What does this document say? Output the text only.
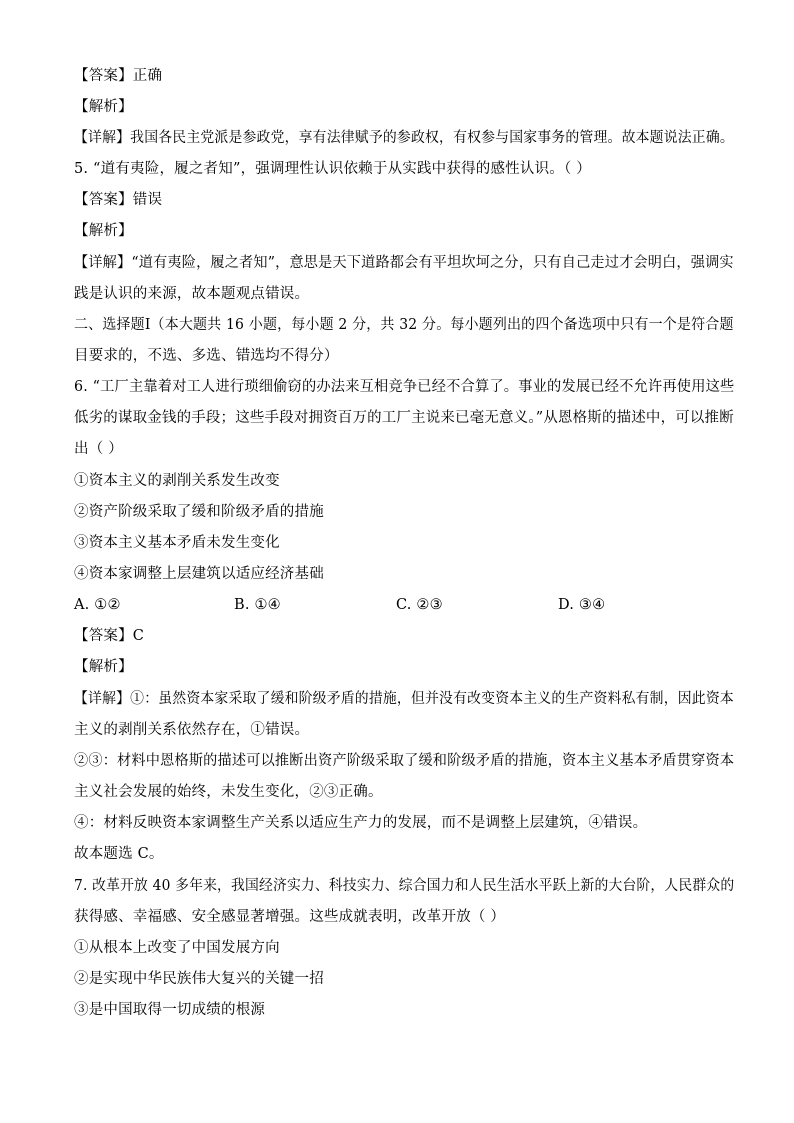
【答案】正确
【解析】
【详解】我国各民主党派是参政党，享有法律赋予的参政权，有权参与国家事务的管理。故本题说法正确。
5. “道有夷险，履之者知”，强调理性认识依赖于从实践中获得的感性认识。（ ）
【答案】错误
【解析】
【详解】“道有夷险，履之者知”，意思是天下道路都会有平坦坎坷之分，只有自己走过才会明白，强调实
践是认识的来源，故本题观点错误。
二、选择题Ⅰ（本大题共 16 小题，每小题 2 分，共 32 分。每小题列出的四个备选项中只有一个是符合题
目要求的，不选、多选、错选均不得分）
6. “工厂主靠着对工人进行琐细偷窃的办法来互相竞争已经不合算了。事业的发展已经不允许再使用这些
低劣的谋取金钱的手段；这些手段对拥资百万的工厂主说来已毫无意义。”从恩格斯的描述中，可以推断
出（ ）
①资本主义的剥削关系发生改变
②资产阶级采取了缓和阶级矛盾的措施
③资本主义基本矛盾未发生变化
④资本家调整上层建筑以适应经济基础
A. ①②	B. ①④	C. ②③	D. ③④
【答案】C
【解析】
【详解】①：虽然资本家采取了缓和阶级矛盾的措施，但并没有改变资本主义的生产资料私有制，因此资本
主义的剥削关系依然存在，①错误。
②③：材料中恩格斯的描述可以推断出资产阶级采取了缓和阶级矛盾的措施，资本主义基本矛盾贯穿资本
主义社会发展的始终，未发生变化，②③正确。
④：材料反映资本家调整生产关系以适应生产力的发展，而不是调整上层建筑，④错误。
故本题选 C。
7. 改革开放 40 多年来，我国经济实力、科技实力、综合国力和人民生活水平跃上新的大台阶，人民群众的
获得感、幸福感、安全感显著增强。这些成就表明，改革开放（ ）
①从根本上改变了中国发展方向
②是实现中华民族伟大复兴的关键一招
③是中国取得一切成绩的根源
